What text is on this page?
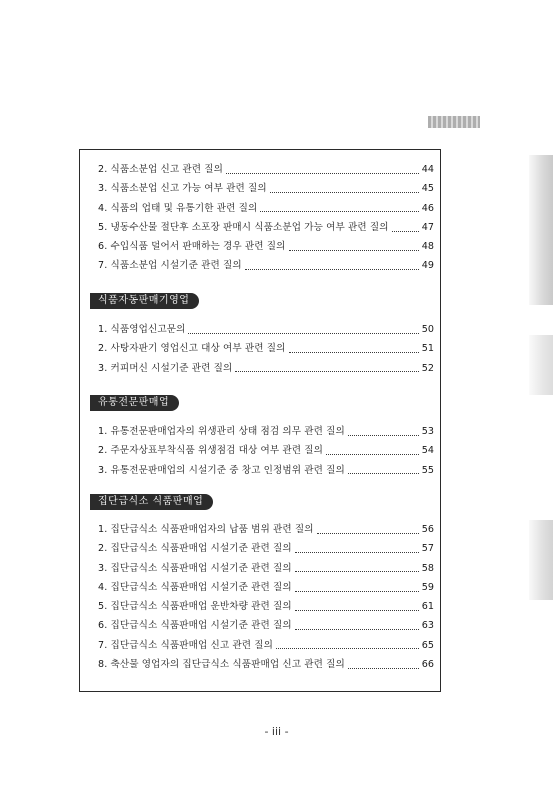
2. 식품소분업 신고 관련 질의	44
3. 식품소분업 신고 가능 여부 관련 질의	45
4. 식품의 업태 및 유통기한 관련 질의	46
5. 냉동수산물 절단후 소포장 판매시 식품소분업 가능 여부 관련 질의	47
6. 수입식품 덜어서 판매하는 경우 관련 질의	48
7. 식품소분업 시설기준 관련 질의	49
식품자동판매기영업
1. 식품영업신고문의	50
2. 사탕자판기 영업신고 대상 여부 관련 질의	51
3. 커피머신 시설기준 관련 질의	52
유통전문판매업
1. 유통전문판매업자의 위생관리 상태 점검 의무 관련 질의	53
2. 주문자상표부착식품 위생점검 대상 여부 관련 질의	54
3. 유통전문판매업의 시설기준 중 창고 인정범위 관련 질의	55
집단급식소 식품판매업
1. 집단급식소 식품판매업자의 납품 범위 관련 질의	56
2. 집단급식소 식품판매업 시설기준 관련 질의	57
3. 집단급식소 식품판매업 시설기준 관련 질의	58
4. 집단급식소 식품판매업 시설기준 관련 질의	59
5. 집단급식소 식품판매업 운반차량 관련 질의	61
6. 집단급식소 식품판매업 시설기준 관련 질의	63
7. 집단급식소 식품판매업 신고 관련 질의	65
8. 축산물 영업자의 집단급식소 식품판매업 신고 관련 질의	66
- iii -
